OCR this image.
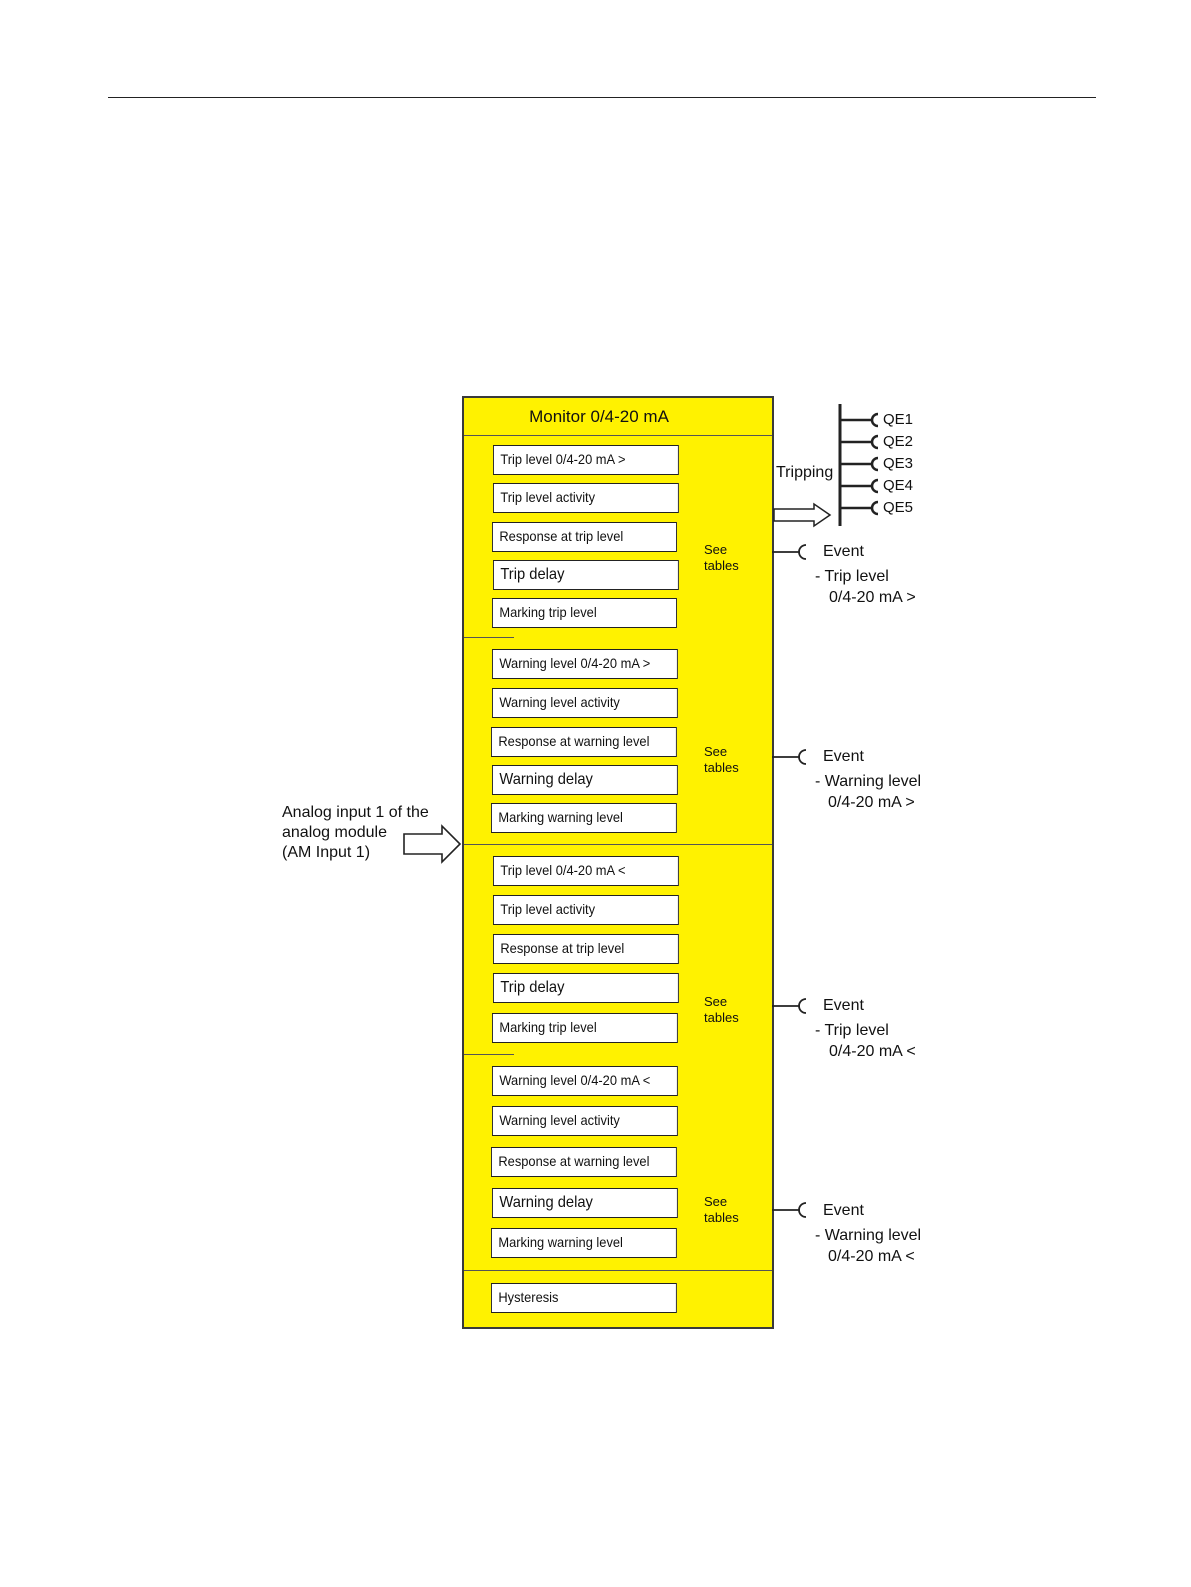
Monitor 0/4-20 mA
Trip level 0/4-20 mA >
Trip level activity
Response at trip level
Trip delay
Marking trip level
Warning level 0/4-20 mA >
Warning level activity
Response at warning level
Warning delay
Marking warning level
Trip level 0/4-20 mA <
Trip level activity
Response at trip level
Trip delay
Marking trip level
Warning level 0/4-20 mA <
Warning level activity
Response at warning level
Warning delay
Marking warning level
Hysteresis
See
tables
See
tables
See
tables
See
tables
Analog input 1 of the
analog module
(AM Input 1)
Tripping
QE1
QE2
QE3
QE4
QE5
Event
- Trip level
0/4-20 mA >
Event
- Warning level
0/4-20 mA >
Event
- Trip level
0/4-20 mA <
Event
- Warning level
0/4-20 mA <
